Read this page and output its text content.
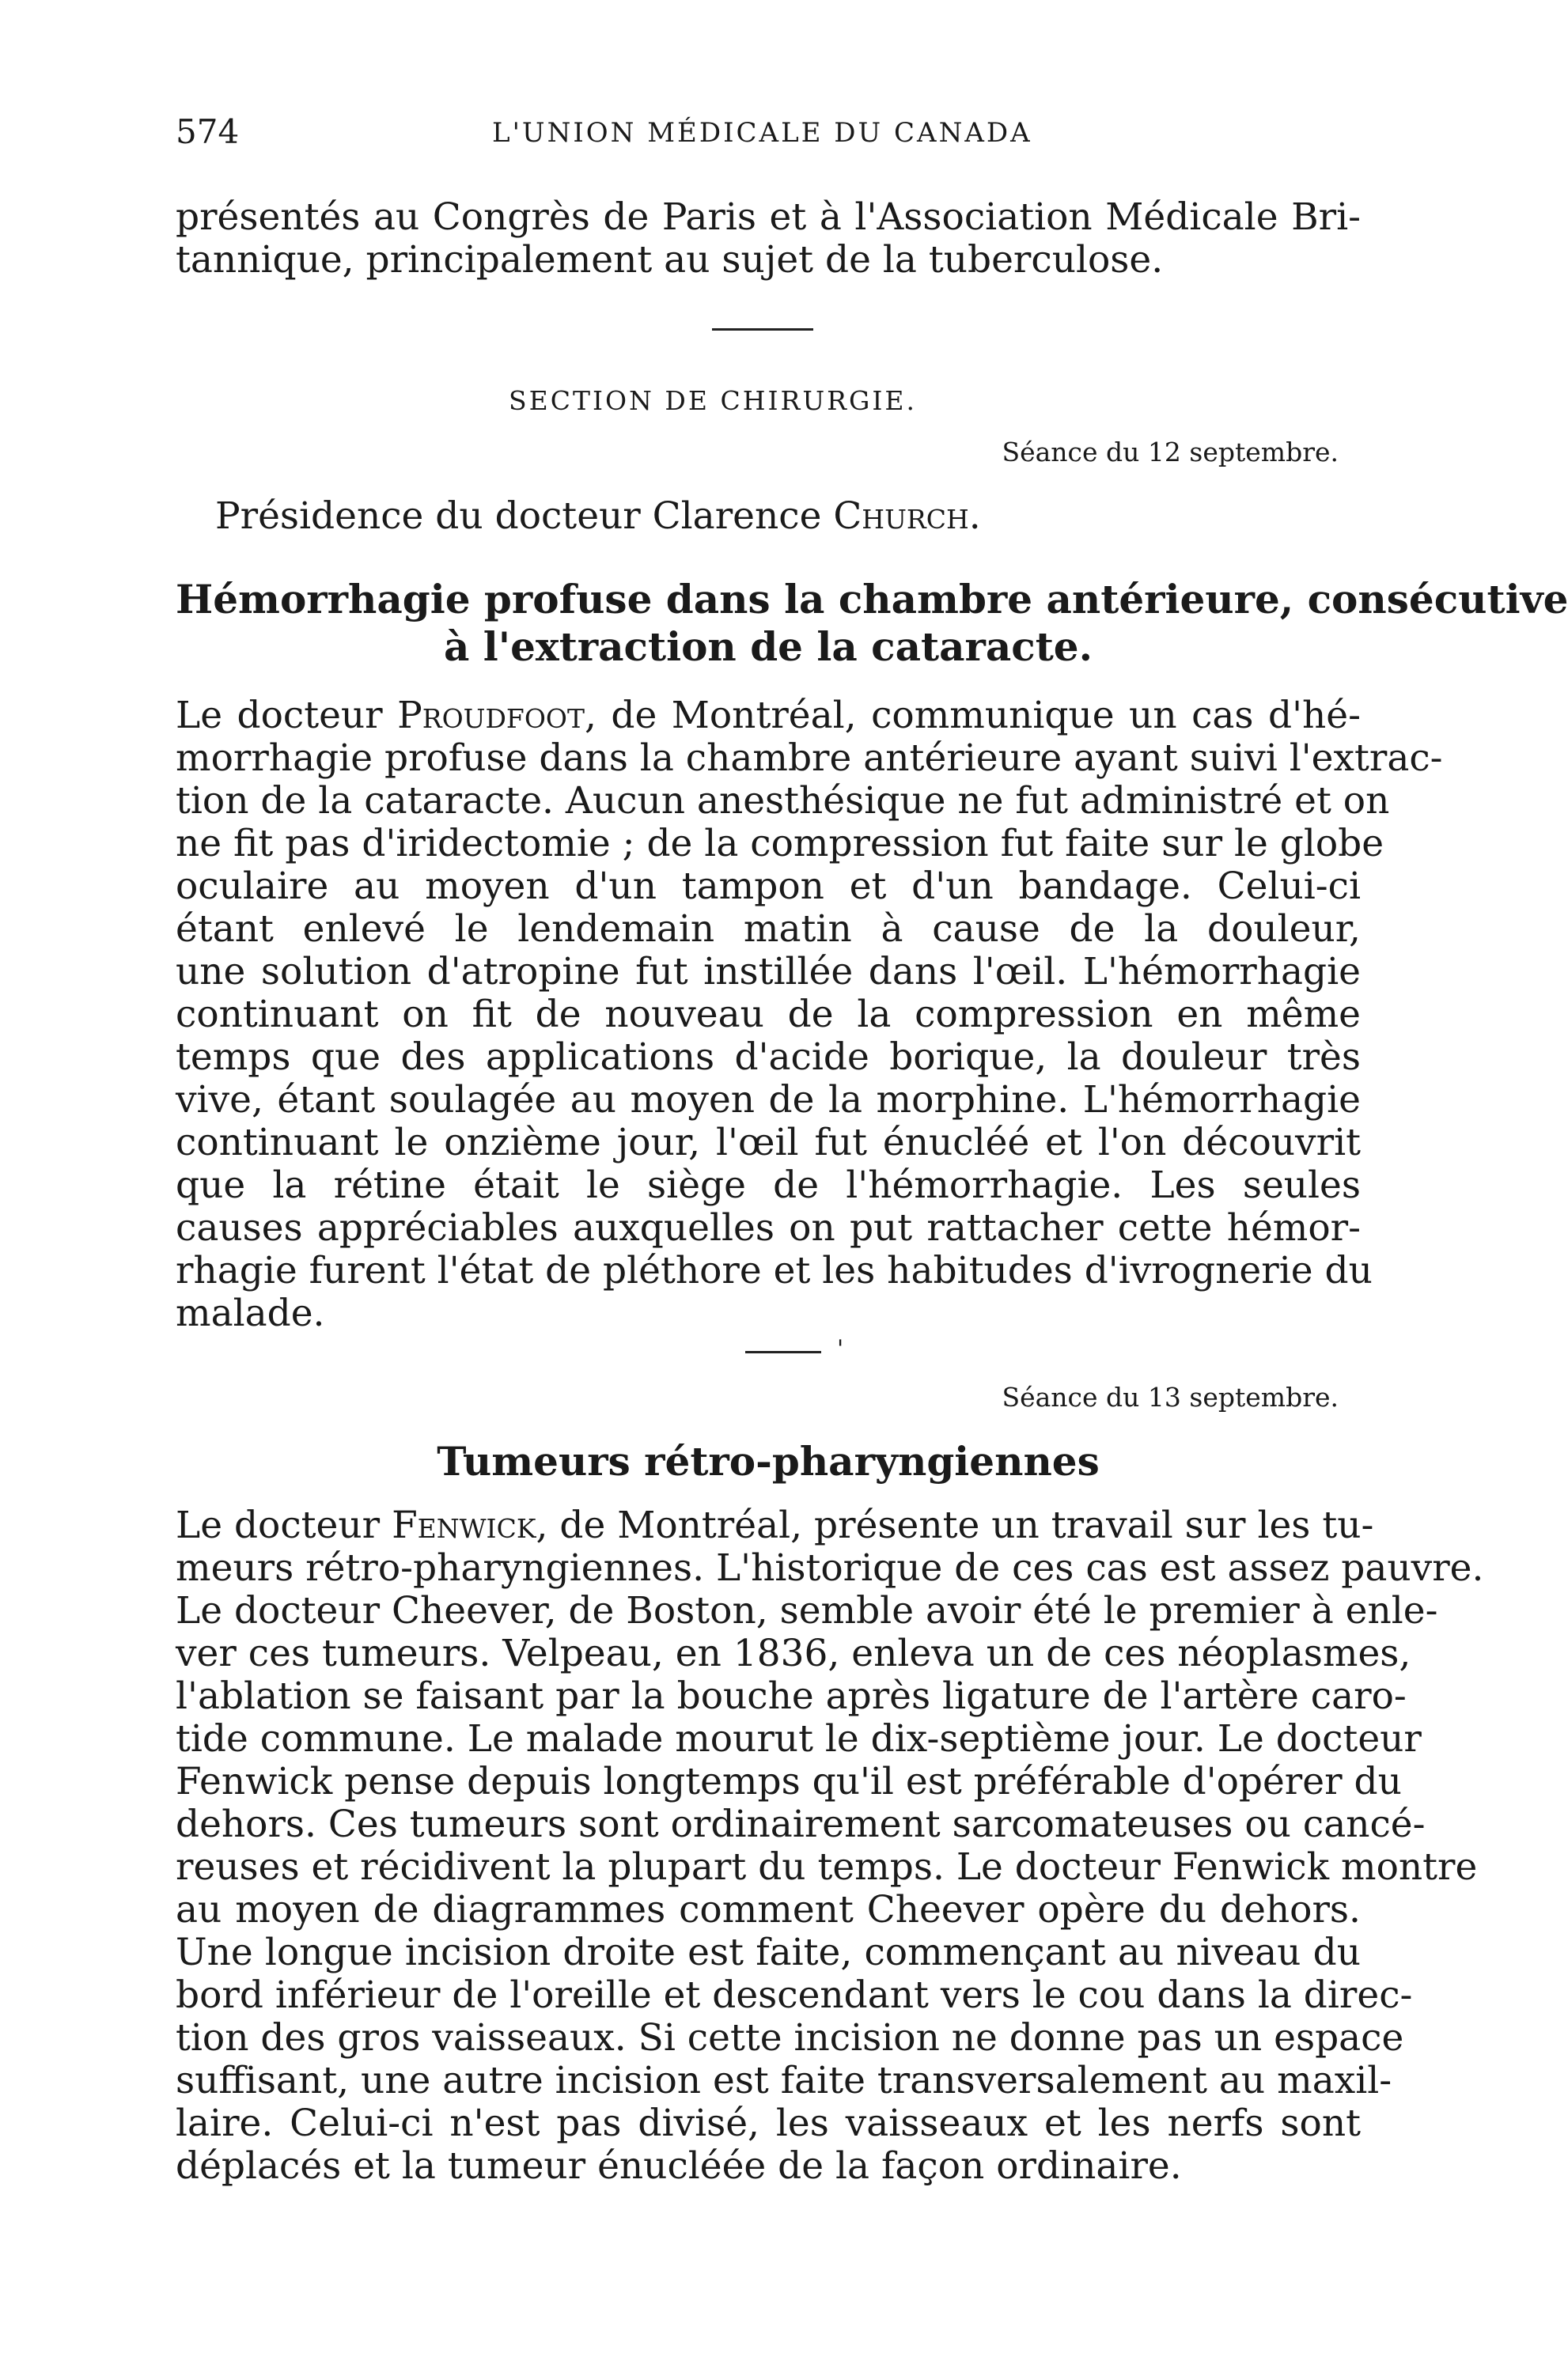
574	L'UNION MÉDICALE DU CANADA
présentés au Congrès de Paris et à l'Association Médicale Bri-
tannique, principalement au sujet de la tuberculose.
SECTION DE CHIRURGIE.
Séance du 12 septembre.
Présidence du docteur Clarence Church.
Hémorrhagie profuse dans la chambre antérieure, consécutive
à l'extraction de la cataracte.
Le docteur Proudfoot, de Montréal, communique un cas d'hé-
morrhagie profuse dans la chambre antérieure ayant suivi l'extrac-
tion de la cataracte. Aucun anesthésique ne fut administré et on
ne fit pas d'iridectomie ; de la compression fut faite sur le globe
oculaire au moyen d'un tampon et d'un bandage. Celui-ci
étant enlevé le lendemain matin à cause de la douleur,
une solution d'atropine fut instillée dans l'œil. L'hémorrhagie
continuant on fit de nouveau de la compression en même
temps que des applications d'acide borique, la douleur très
vive, étant soulagée au moyen de la morphine. L'hémorrhagie
continuant le onzième jour, l'œil fut énucléé et l'on découvrit
que la rétine était le siège de l'hémorrhagie. Les seules
causes appréciables auxquelles on put rattacher cette hémor-
rhagie furent l'état de pléthore et les habitudes d'ivrognerie du
malade.
'
Séance du 13 septembre.
Tumeurs rétro-pharyngiennes
Le docteur Fenwick, de Montréal, présente un travail sur les tu-
meurs rétro-pharyngiennes. L'historique de ces cas est assez pauvre.
Le docteur Cheever, de Boston, semble avoir été le premier à enle-
ver ces tumeurs. Velpeau, en 1836, enleva un de ces néoplasmes,
l'ablation se faisant par la bouche après ligature de l'artère caro-
tide commune. Le malade mourut le dix-septième jour. Le docteur
Fenwick pense depuis longtemps qu'il est préférable d'opérer du
dehors. Ces tumeurs sont ordinairement sarcomateuses ou cancé-
reuses et récidivent la plupart du temps. Le docteur Fenwick montre
au moyen de diagrammes comment Cheever opère du dehors.
Une longue incision droite est faite, commençant au niveau du
bord inférieur de l'oreille et descendant vers le cou dans la direc-
tion des gros vaisseaux. Si cette incision ne donne pas un espace
suffisant, une autre incision est faite transversalement au maxil-
laire. Celui-ci n'est pas divisé, les vaisseaux et les nerfs sont
déplacés et la tumeur énucléée de la façon ordinaire.
